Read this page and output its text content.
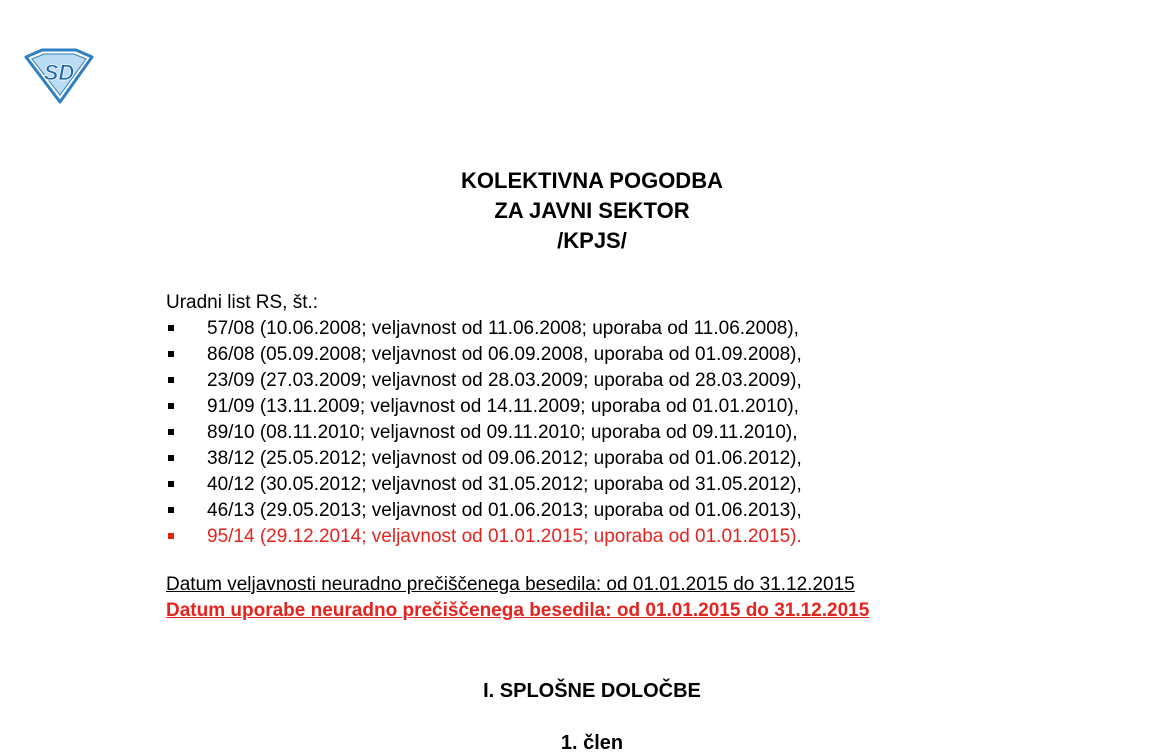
SD
KOLEKTIVNA POGODBA
ZA JAVNI SEKTOR
/KPJS/
Uradni list RS, št.:
57/08 (10.06.2008; veljavnost od 11.06.2008; uporaba od 11.06.2008),
86/08 (05.09.2008; veljavnost od 06.09.2008, uporaba od 01.09.2008),
23/09 (27.03.2009; veljavnost od 28.03.2009; uporaba od 28.03.2009),
91/09 (13.11.2009; veljavnost od 14.11.2009; uporaba od 01.01.2010),
89/10 (08.11.2010; veljavnost od 09.11.2010; uporaba od 09.11.2010),
38/12 (25.05.2012; veljavnost od 09.06.2012; uporaba od 01.06.2012),
40/12 (30.05.2012; veljavnost od 31.05.2012; uporaba od 31.05.2012),
46/13 (29.05.2013; veljavnost od 01.06.2013; uporaba od 01.06.2013),
95/14 (29.12.2014; veljavnost od 01.01.2015; uporaba od 01.01.2015).
Datum veljavnosti neuradno prečiščenega besedila: od 01.01.2015 do 31.12.2015
Datum uporabe neuradno prečiščenega besedila: od 01.01.2015 do 31.12.2015
I. SPLOŠNE DOLOČBE
1. člen
